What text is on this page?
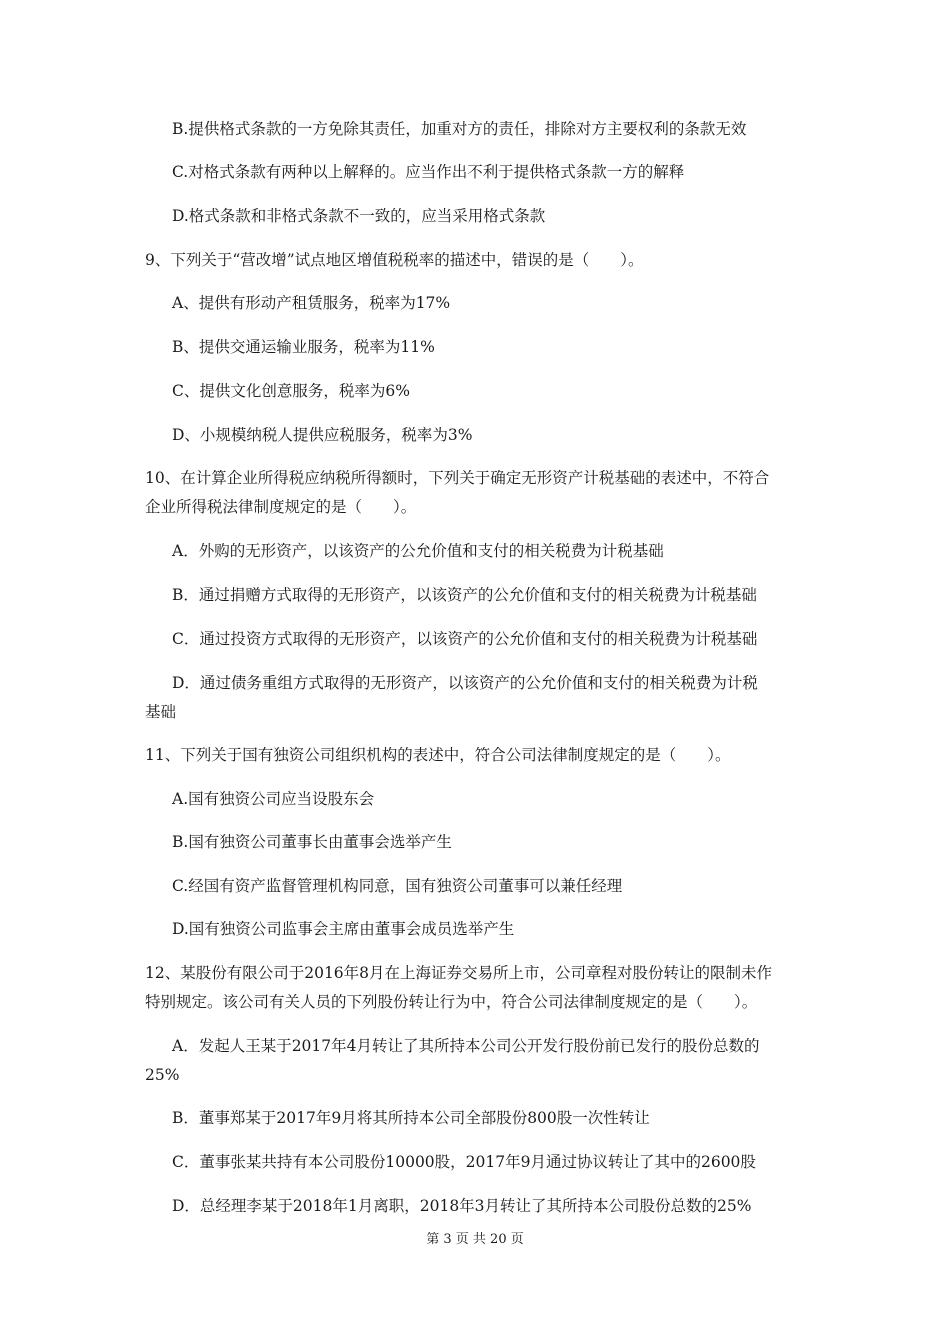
B.提供格式条款的一方免除其责任，加重对方的责任，排除对方主要权利的条款无效
C.对格式条款有两种以上解释的。应当作出不利于提供格式条款一方的解释
D.格式条款和非格式条款不一致的，应当采用格式条款
9、下列关于“营改增”试点地区增值税税率的描述中，错误的是（　　）。
A、提供有形动产租赁服务，税率为17%
B、提供交通运输业服务，税率为11%
C、提供文化创意服务，税率为6%
D、小规模纳税人提供应税服务，税率为3%
10、在计算企业所得税应纳税所得额时，下列关于确定无形资产计税基础的表述中，不符合
企业所得税法律制度规定的是（　　）。
A．外购的无形资产，以该资产的公允价值和支付的相关税费为计税基础
B．通过捐赠方式取得的无形资产，以该资产的公允价值和支付的相关税费为计税基础
C．通过投资方式取得的无形资产，以该资产的公允价值和支付的相关税费为计税基础
D．通过债务重组方式取得的无形资产，以该资产的公允价值和支付的相关税费为计税
基础
11、下列关于国有独资公司组织机构的表述中，符合公司法律制度规定的是（　　）。
A.国有独资公司应当设股东会
B.国有独资公司董事长由董事会选举产生
C.经国有资产监督管理机构同意，国有独资公司董事可以兼任经理
D.国有独资公司监事会主席由董事会成员选举产生
12、某股份有限公司于2016年8月在上海证券交易所上市，公司章程对股份转让的限制未作
特别规定。该公司有关人员的下列股份转让行为中，符合公司法律制度规定的是（　　）。
A．发起人王某于2017年4月转让了其所持本公司公开发行股份前已发行的股份总数的
25%
B．董事郑某于2017年9月将其所持本公司全部股份800股一次性转让
C．董事张某共持有本公司股份10000股，2017年9月通过协议转让了其中的2600股
D．总经理李某于2018年1月离职，2018年3月转让了其所持本公司股份总数的25%
第 3 页 共 20 页
